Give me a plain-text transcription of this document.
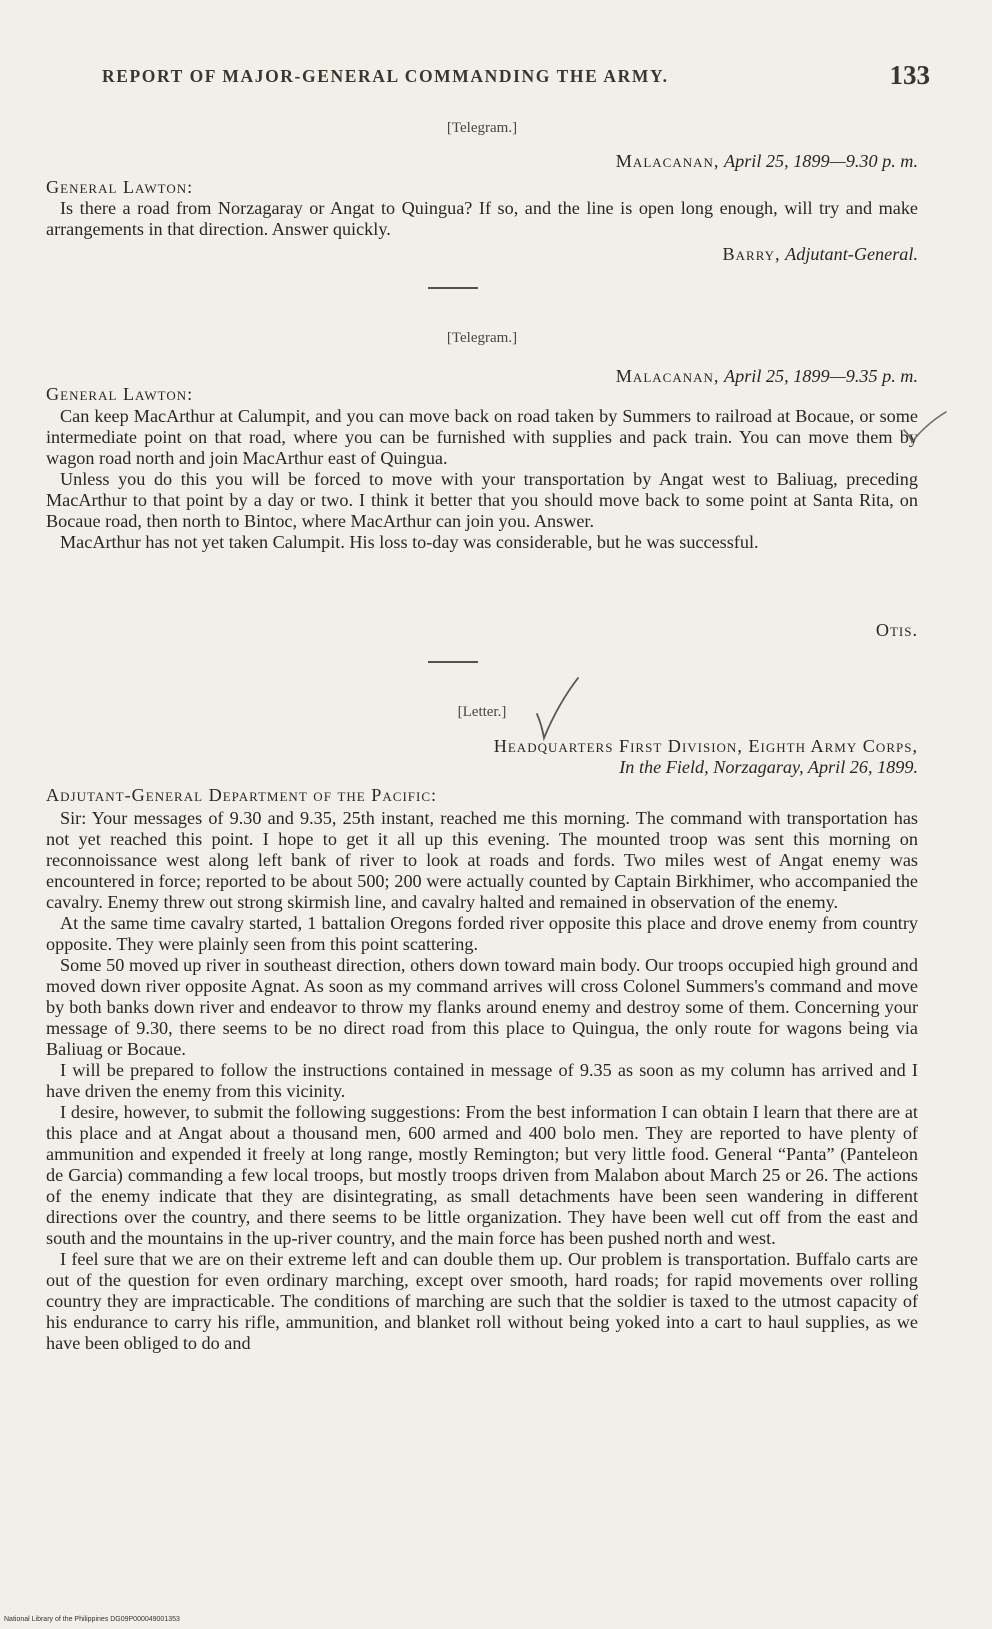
REPORT OF MAJOR-GENERAL COMMANDING THE ARMY.	133
[Telegram.]
Malacanan, April 25, 1899—9.30 p. m.
General Lawton:

Is there a road from Norzagaray or Angat to Quingua? If so, and the line is open long enough, will try and make arrangements in that direction. Answer quickly.

Barry, Adjutant-General.
[Telegram.]
Malacanan, April 25, 1899—9.35 p. m.
General Lawton:

Can keep MacArthur at Calumpit, and you can move back on road taken by Summers to railroad at Bocaue, or some intermediate point on that road, where you can be furnished with supplies and pack train. You can move them by wagon road north and join MacArthur east of Quingua.

Unless you do this you will be forced to move with your transportation by Angat west to Baliuag, preceding MacArthur to that point by a day or two. I think it better that you should move back to some point at Santa Rita, on Bocaue road, then north to Bintoc, where MacArthur can join you. Answer.

MacArthur has not yet taken Calumpit. His loss to-day was considerable, but he was successful.

Otis.
[Letter.]
Headquarters First Division, Eighth Army Corps,
In the Field, Norzagaray, April 26, 1899.
Adjutant-General Department of the Pacific:

Sir: Your messages of 9.30 and 9.35, 25th instant, reached me this morning. The command with transportation has not yet reached this point. I hope to get it all up this evening. The mounted troop was sent this morning on reconnoissance west along left bank of river to look at roads and fords. Two miles west of Angat enemy was encountered in force; reported to be about 500; 200 were actually counted by Captain Birkhimer, who accompanied the cavalry. Enemy threw out strong skirmish line, and cavalry halted and remained in observation of the enemy.

At the same time cavalry started, 1 battalion Oregons forded river opposite this place and drove enemy from country opposite. They were plainly seen from this point scattering.

Some 50 moved up river in southeast direction, others down toward main body. Our troops occupied high ground and moved down river opposite Agnat. As soon as my command arrives will cross Colonel Summers's command and move by both banks down river and endeavor to throw my flanks around enemy and destroy some of them. Concerning your message of 9.30, there seems to be no direct road from this place to Quingua, the only route for wagons being via Baliuag or Bocaue.

I will be prepared to follow the instructions contained in message of 9.35 as soon as my column has arrived and I have driven the enemy from this vicinity.

I desire, however, to submit the following suggestions: From the best information I can obtain I learn that there are at this place and at Angat about a thousand men, 600 armed and 400 bolo men. They are reported to have plenty of ammunition and expended it freely at long range, mostly Remington; but very little food. General “Panta” (Panteleon de Garcia) commanding a few local troops, but mostly troops driven from Malabon about March 25 or 26. The actions of the enemy indicate that they are disintegrating, as small detachments have been seen wandering in different directions over the country, and there seems to be little organization. They have been well cut off from the east and south and the mountains in the up-river country, and the main force has been pushed north and west.

I feel sure that we are on their extreme left and can double them up. Our problem is transportation. Buffalo carts are out of the question for even ordinary marching, except over smooth, hard roads; for rapid movements over rolling country they are impracticable. The conditions of marching are such that the soldier is taxed to the utmost capacity of his endurance to carry his rifle, ammunition, and blanket roll without being yoked into a cart to haul supplies, as we have been obliged to do and

National Library of the Philippines DG09P000049001353
